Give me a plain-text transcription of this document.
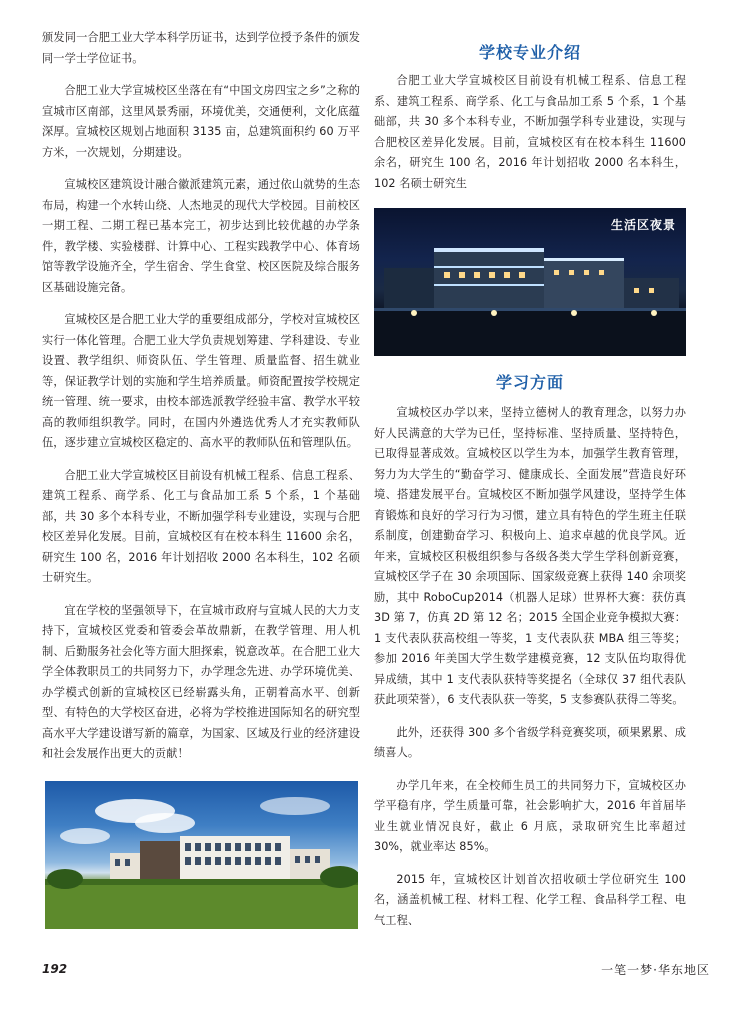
颁发同一合肥工业大学本科学历证书，达到学位授予条件的颁发同一学士学位证书。

合肥工业大学宣城校区坐落在有“中国文房四宝之乡”之称的宣城市区南部，这里风景秀丽，环境优美，交通便利，文化底蕴深厚。宣城校区规划占地面积 3135 亩，总建筑面积约 60 万平方米，一次规划，分期建设。

宣城校区建筑设计融合徽派建筑元素，通过依山就势的生态布局，构建一个水转山绕、人杰地灵的现代大学校园。目前校区一期工程、二期工程已基本完工，初步达到比较优越的办学条件，教学楼、实验楼群、计算中心、工程实践教学中心、体育场馆等教学设施齐全，学生宿舍、学生食堂、校区医院及综合服务区基础设施完备。

宣城校区是合肥工业大学的重要组成部分，学校对宣城校区实行一体化管理。合肥工业大学负责规划筹建、学科建设、专业设置、教学组织、师资队伍、学生管理、质量监督、招生就业等，保证教学计划的实施和学生培养质量。师资配置按学校规定统一管理、统一要求，由校本部选派教学经验丰富、教学水平较高的教师组织教学。同时，在国内外遴选优秀人才充实教师队伍，逐步建立宣城校区稳定的、高水平的教师队伍和管理队伍。

合肥工业大学宣城校区目前设有机械工程系、信息工程系、建筑工程系、商学系、化工与食品加工系 5 个系，1 个基础部，共 30 多个本科专业，不断加强学科专业建设，实现与合肥校区差异化发展。目前，宣城校区有在校本科生 11600 余名，研究生 100 名，2016 年计划招收 2000 名本科生，102 名硕士研究生。

宜在学校的坚强领导下，在宣城市政府与宣城人民的大力支持下，宣城校区党委和管委会革故鼎新，在教学管理、用人机制、后勤服务社会化等方面大胆探索，锐意改革。在合肥工业大学全体教职员工的共同努力下，办学理念先进、办学环境优美、办学模式创新的宣城校区已经崭露头角，正朝着高水平、创新型、有特色的大学校区奋进，必将为学校推进国际知名的研究型高水平大学建设谱写新的篇章，为国家、区域及行业的经济建设和社会发展作出更大的贡献！

学校专业介绍

合肥工业大学宣城校区目前设有机械工程系、信息工程系、建筑工程系、商学系、化工与食品加工系 5 个系，1 个基础部，共 30 多个本科专业，不断加强学科专业建设，实现与合肥校区差异化发展。目前，宣城校区有在校本科生 11600 余名，研究生 100 名，2016 年计划招收 2000 名本科生，102 名硕士研究生

生活区夜景
学习方面

宣城校区办学以来，坚持立德树人的教育理念，以努力办好人民满意的大学为已任，坚持标准、坚持质量、坚持特色，已取得显著成效。宣城校区以学生为本，加强学生教育管理，努力为大学生的“勤奋学习、健康成长、全面发展”营造良好环境、搭建发展平台。宣城校区不断加强学风建设，坚持学生体育锻炼和良好的学习行为习惯，建立具有特色的学生班主任联系制度，创建勤奋学习、积极向上、追求卓越的优良学风。近年来，宣城校区积极组织参与各级各类大学生学科创新竞赛，宣城校区学子在 30 余项国际、国家级竞赛上获得 140 余项奖励，其中 RoboCup2014（机器人足球）世界杯大赛：获仿真 3D 第 7，仿真 2D 第 12 名；2015 全国企业竞争模拟大赛：1 支代表队获高校组一等奖，1 支代表队获 MBA 组三等奖；参加 2016 年美国大学生数学建模竞赛，12 支队伍均取得优异成绩，其中 1 支代表队获特等奖提名（全球仅 37 组代表队获此项荣誉），6 支代表队获一等奖，5 支参赛队获得二等奖。

此外，还获得 300 多个省级学科竞赛奖项，硕果累累、成绩喜人。

办学几年来，在全校师生员工的共同努力下，宣城校区办学平稳有序，学生质量可靠，社会影响扩大，2016 年首届毕业生就业情况良好，截止 6 月底，录取研究生比率超过 30%，就业率达 85%。

2015 年，宣城校区计划首次招收硕士学位研究生 100 名，涵盖机械工程、材料工程、化学工程、食品科学工程、电气工程、

192	一笔一梦·华东地区
